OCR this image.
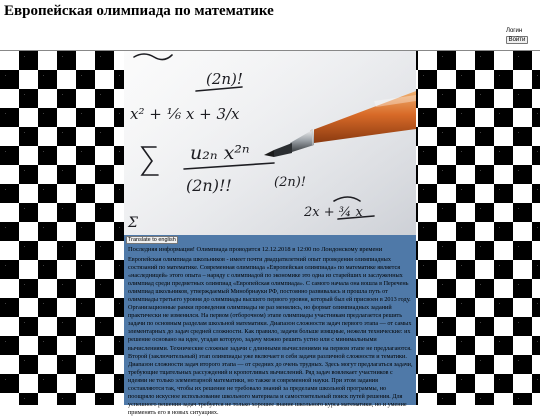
Европейская олимпиада по математике
Логин
Войти
(2n)!
x² + ⅙ x + 3/x
u₂ₙ x²ⁿ
(2n)!!	(2n)!
2x + ¾ x
Σ
Translate to english

Последняя информация! Олимпиада проводится 12.12.2018 в 12:00 по Лондонскому времени

Европейская олимпиада школьников - имеет почти двадцатилетний опыт проведения олимпиадных состязаний по математике. Современная олимпиада «Европейская олимпиада» по математике является «наследницей» этого опыта – наряду с олимпиадой по экономике это одна из старейших и заслуженных олимпиад среди предметных олимпиад «Европейская олимпиада». С самого начала она вошла в Перечень олимпиад школьников, утверждаемый Минобрнауки РФ, постоянно развивалась и прошла путь от олимпиады третьего уровня до олимпиады высшего первого уровня, который был ей присвоен в 2013 году. Организационные рамки проведения олимпиады не раз менялись, но формат олимпиадных заданий практически не изменился. На первом (отборочном) этапе олимпиады участникам предлагается решить задачи по основным разделам школьной математики. Диапазон сложности задач первого этапа — от самых элементарных до задач средней сложности. Как правило, задачи больше изящные, нежели технические: их решение основано на идее, угадав которую, задачу можно решить устно или с минимальными вычислениями. Технические сложные задачи с длинными вычислениями на первом этапе не предлагаются. Второй (заключительный) этап олимпиады уже включает в себя задачи различной сложности и тематики. Диапазон сложности задач второго этапа — от средних до очень трудных. Здесь могут предлагаться задачи, требующие тщательных рассуждений и кропотливых вычислений. Ряд задач вовлекает участников с идеями не только элементарной математики, но также и современной науки. При этом задания составляются так, чтобы их решение не требовало знаний за пределами школьной программы, но поощряло искусное использование школьного материала и самостоятельный поиск путей решения. Для успешного решения задач требуется не только хорошее знание школьного курса математики, но и умение применять его в новых ситуациях.
